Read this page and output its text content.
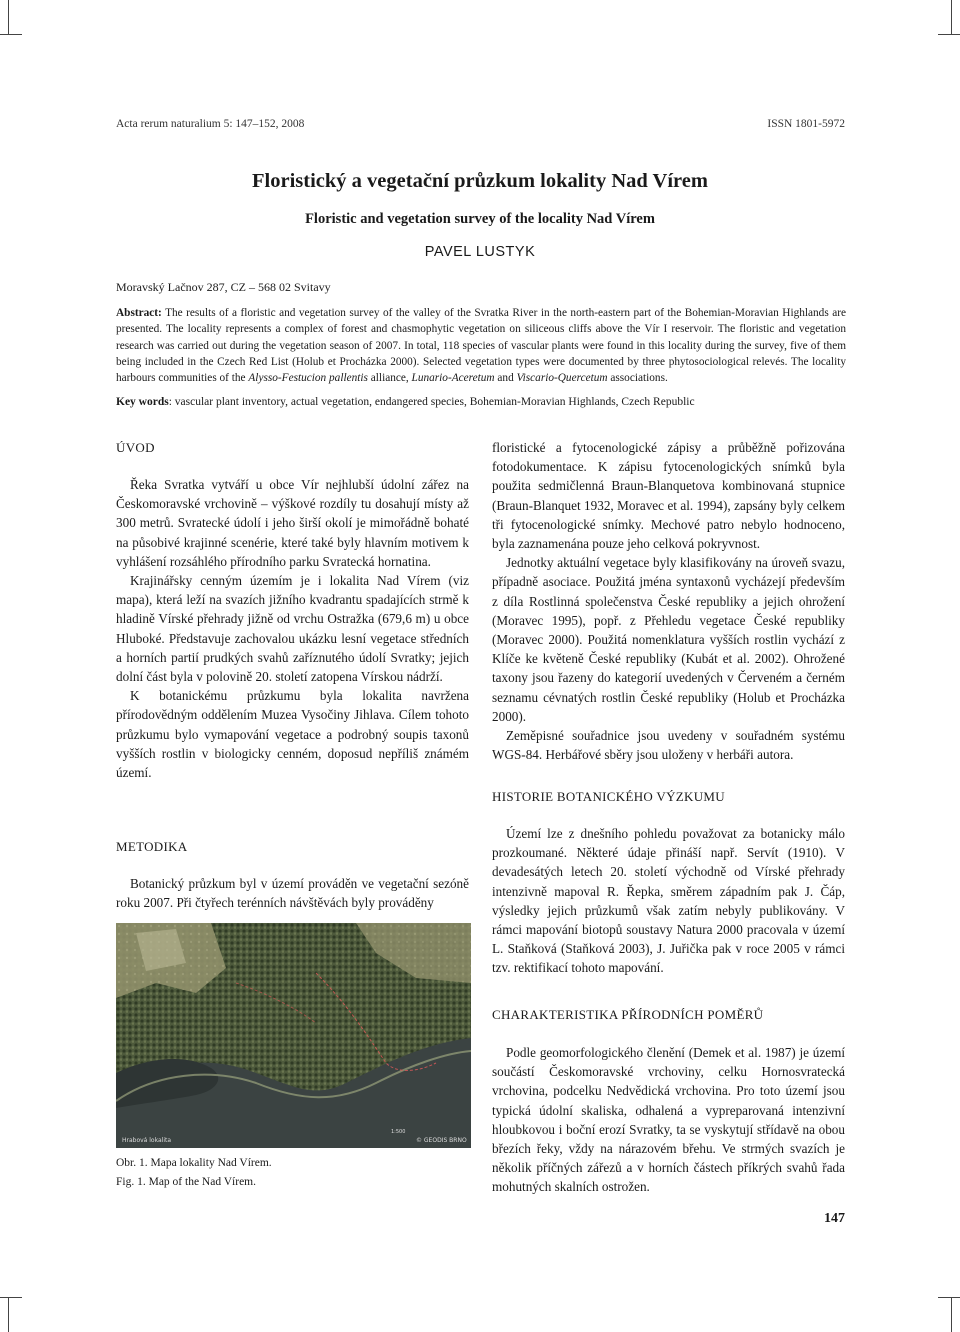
Acta rerum naturalium 5: 147–152, 2008	ISSN 1801-5972
Floristický a vegetační průzkum lokality Nad Vírem
Floristic and vegetation survey of the locality Nad Vírem
PAVEL LUSTYK
Moravský Lačnov 287, CZ – 568 02 Svitavy
Abstract: The results of a floristic and vegetation survey of the valley of the Svratka River in the north-eastern part of the Bohemian-Moravian Highlands are presented. The locality represents a complex of forest and chasmophytic vegetation on siliceous cliffs above the Vír I reservoir. The floristic and vegetation research was carried out during the vegetation season of 2007. In total, 118 species of vascular plants were found in this locality during the survey, five of them being included in the Czech Red List (Holub et Procházka 2000). Selected vegetation types were documented by three phytosociological relevés. The locality harbours communities of the Alysso-Festucion pallentis alliance, Lunario-Aceretum and Viscario-Quercetum associations.
Key words: vascular plant inventory, actual vegetation, endangered species, Bohemian-Moravian Highlands, Czech Republic
ÚVOD

Řeka Svratka vytváří u obce Vír nejhlubší údolní zářez na Českomoravské vrchovině – výškové rozdíly tu dosahují místy až 300 metrů. Svratecké údolí i jeho širší okolí je mimořádně bohaté na působivé krajinné scenérie, které také byly hlavním motivem k vyhlášení rozsáhlého přírodního parku Svratecká hornatina.

Krajinářsky cenným územím je i lokalita Nad Vírem (viz mapa), která leží na svazích jižního kvadrantu spadajících strmě k hladině Vírské přehrady jižně od vrchu Ostražka (679,6 m) u obce Hluboké. Představuje zachovalou ukázku lesní vegetace středních a horních partií prudkých svahů zaříznutého údolí Svratky; jejich dolní část byla v polovině 20. století zatopena Vírskou nádrží.

K botanickému průzkumu byla lokalita navržena přírodovědným oddělením Muzea Vysočiny Jihlava. Cílem tohoto průzkumu bylo vymapování vegetace a podrobný soupis taxonů vyšších rostlin v biologicky cenném, doposud nepříliš známém území.

METODIKA

Botanický průzkum byl v území prováděn ve vegetační sezóně roku 2007. Při čtyřech terénních návštěvách byly prováděny

Hrabová lokalita
1:500
© GEODIS BRNO
Obr. 1. Mapa lokality Nad Vírem.
Fig. 1. Map of the Nad Vírem.

floristické a fytocenologické zápisy a průběžně pořizována fotodokumentace. K zápisu fytocenologických snímků byla použita sedmičlenná Braun-Blanquetova kombinovaná stupnice (Braun-Blanquet 1932, Moravec et al. 1994), zapsány byly celkem tři fytocenologické snímky. Mechové patro nebylo hodnoceno, byla zaznamenána pouze jeho celková pokryvnost.

Jednotky aktuální vegetace byly klasifikovány na úroveň svazu, případně asociace. Použitá jména syntaxonů vycházejí především z díla Rostlinná společenstva České republiky a jejich ohrožení (Moravec 1995), popř. z Přehledu vegetace České republiky (Moravec 2000). Použitá nomenklatura vyšších rostlin vychází z Klíče ke květeně České republiky (Kubát et al. 2002). Ohrožené taxony jsou řazeny do kategorií uvedených v Červeném a černém seznamu cévnatých rostlin České republiky (Holub et Procházka 2000).

Zeměpisné souřadnice jsou uvedeny v souřadném systému WGS-84. Herbářové sběry jsou uloženy v herbáři autora.

HISTORIE BOTANICKÉHO VÝZKUMU

Území lze z dnešního pohledu považovat za botanicky málo prozkoumané. Některé údaje přináší např. Servít (1910). V devadesátých letech 20. století východně od Vírské přehrady intenzivně mapoval R. Řepka, směrem západním pak J. Čáp, výsledky jejich průzkumů však zatím nebyly publikovány. V rámci mapování biotopů soustavy Natura 2000 pracovala v území L. Staňková (Staňková 2003), J. Juřička pak v roce 2005 v rámci tzv. rektifikací tohoto mapování.

CHARAKTERISTIKA PŘÍRODNÍCH POMĚRŮ

Podle geomorfologického členění (Demek et al. 1987) je území součástí Českomoravské vrchoviny, celku Hornosvratecká vrchovina, podcelku Nedvědická vrchovina. Pro toto území jsou typická údolní skaliska, odhalená a vypreparovaná intenzivní hloubkovou i boční erozí Svratky, ta se vyskytují střídavě na obou březích řeky, vždy na nárazovém břehu. Ve strmých svazích je několik příčných zářezů a v horních částech příkrých svahů řada mohutných skalních ostrožen.

147
